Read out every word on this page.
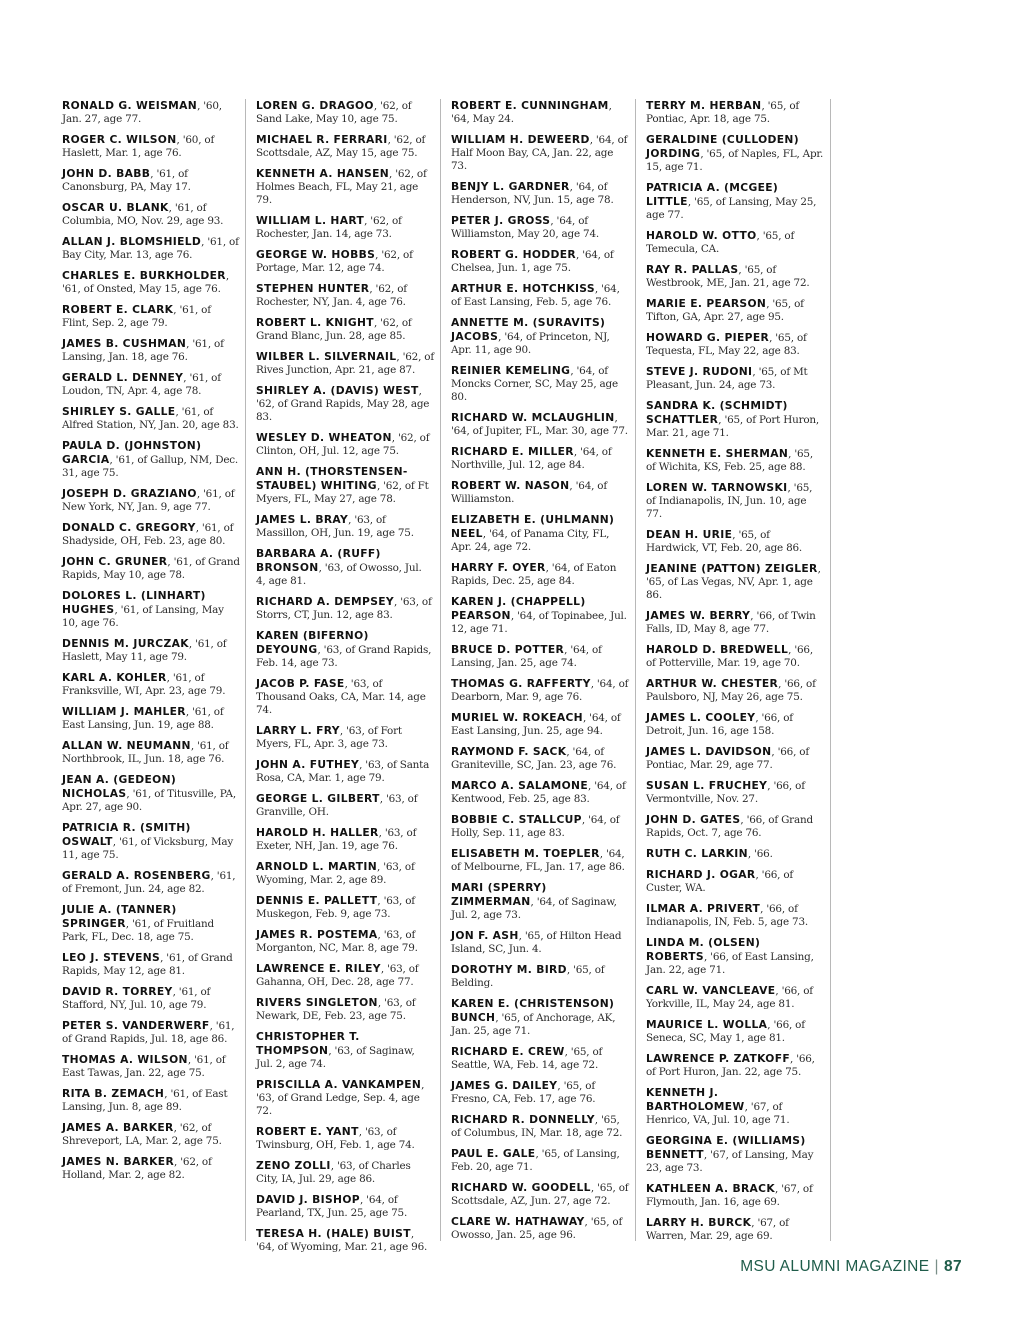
RONALD G. WEISMAN, '60, Jan. 27, age 77.
ROGER C. WILSON, '60, of Haslett, Mar. 1, age 76.
JOHN D. BABB, '61, of Canonsburg, PA, May 17.
OSCAR U. BLANK, '61, of Columbia, MO, Nov. 29, age 93.
ALLAN J. BLOMSHIELD, '61, of Bay City, Mar. 13, age 76.
CHARLES E. BURKHOLDER, '61, of Onsted, May 15, age 76.
ROBERT E. CLARK, '61, of Flint, Sep. 2, age 79.
JAMES B. CUSHMAN, '61, of Lansing, Jan. 18, age 76.
GERALD L. DENNEY, '61, of Loudon, TN, Apr. 4, age 78.
SHIRLEY S. GALLE, '61, of Alfred Station, NY, Jan. 20, age 83.
PAULA D. (JOHNSTON) GARCIA, '61, of Gallup, NM, Dec. 31, age 75.
JOSEPH D. GRAZIANO, '61, of New York, NY, Jan. 9, age 77.
DONALD C. GREGORY, '61, of Shadyside, OH, Feb. 23, age 80.
JOHN C. GRUNER, '61, of Grand Rapids, May 10, age 78.
DOLORES L. (LINHART) HUGHES, '61, of Lansing, May 10, age 76.
DENNIS M. JURCZAK, '61, of Haslett, May 11, age 79.
KARL A. KOHLER, '61, of Franksville, WI, Apr. 23, age 79.
WILLIAM J. MAHLER, '61, of East Lansing, Jun. 19, age 88.
ALLAN W. NEUMANN, '61, of Northbrook, IL, Jun. 18, age 76.
JEAN A. (GEDEON) NICHOLAS, '61, of Titusville, PA, Apr. 27, age 90.
PATRICIA R. (SMITH) OSWALT, '61, of Vicksburg, May 11, age 75.
GERALD A. ROSENBERG, '61, of Fremont, Jun. 24, age 82.
JULIE A. (TANNER) SPRINGER, '61, of Fruitland Park, FL, Dec. 18, age 75.
LEO J. STEVENS, '61, of Grand Rapids, May 12, age 81.
DAVID R. TORREY, '61, of Stafford, NY, Jul. 10, age 79.
PETER S. VANDERWERF, '61, of Grand Rapids, Jul. 18, age 86.
THOMAS A. WILSON, '61, of East Tawas, Jan. 22, age 75.
RITA B. ZEMACH, '61, of East Lansing, Jun. 8, age 89.
JAMES A. BARKER, '62, of Shreveport, LA, Mar. 2, age 75.
JAMES N. BARKER, '62, of Holland, Mar. 2, age 82.
LOREN G. DRAGOO, '62, of Sand Lake, May 10, age 75.
MICHAEL R. FERRARI, '62, of Scottsdale, AZ, May 15, age 75.
KENNETH A. HANSEN, '62, of Holmes Beach, FL, May 21, age 79.
WILLIAM L. HART, '62, of Rochester, Jan. 14, age 73.
GEORGE W. HOBBS, '62, of Portage, Mar. 12, age 74.
STEPHEN HUNTER, '62, of Rochester, NY, Jan. 4, age 76.
ROBERT L. KNIGHT, '62, of Grand Blanc, Jun. 28, age 85.
WILBER L. SILVERNAIL, '62, of Rives Junction, Apr. 21, age 87.
SHIRLEY A. (DAVIS) WEST, '62, of Grand Rapids, May 28, age 83.
WESLEY D. WHEATON, '62, of Clinton, OH, Jul. 12, age 75.
ANN H. (THORSTENSEN-STAUBEL) WHITING, '62, of Ft Myers, FL, May 27, age 78.
JAMES L. BRAY, '63, of Massillon, OH, Jun. 19, age 75.
BARBARA A. (RUFF) BRONSON, '63, of Owosso, Jul. 4, age 81.
RICHARD A. DEMPSEY, '63, of Storrs, CT, Jun. 12, age 83.
KAREN (BIFERNO) DEYOUNG, '63, of Grand Rapids, Feb. 14, age 73.
JACOB P. FASE, '63, of Thousand Oaks, CA, Mar. 14, age 74.
LARRY L. FRY, '63, of Fort Myers, FL, Apr. 3, age 73.
JOHN A. FUTHEY, '63, of Santa Rosa, CA, Mar. 1, age 79.
GEORGE L. GILBERT, '63, of Granville, OH.
HAROLD H. HALLER, '63, of Exeter, NH, Jan. 19, age 76.
ARNOLD L. MARTIN, '63, of Wyoming, Mar. 2, age 89.
DENNIS E. PALLETT, '63, of Muskegon, Feb. 9, age 73.
JAMES R. POSTEMA, '63, of Morganton, NC, Mar. 8, age 79.
LAWRENCE E. RILEY, '63, of Gahanna, OH, Dec. 28, age 77.
RIVERS SINGLETON, '63, of Newark, DE, Feb. 23, age 75.
CHRISTOPHER T. THOMPSON, '63, of Saginaw, Jul. 2, age 74.
PRISCILLA A. VANKAMPEN, '63, of Grand Ledge, Sep. 4, age 72.
ROBERT E. YANT, '63, of Twinsburg, OH, Feb. 1, age 74.
ZENO ZOLLI, '63, of Charles City, IA, Jul. 29, age 86.
DAVID J. BISHOP, '64, of Pearland, TX, Jun. 25, age 75.
TERESA H. (HALE) BUIST, '64, of Wyoming, Mar. 21, age 96.
ROBERT E. CUNNINGHAM, '64, May 24.
WILLIAM H. DEWEERD, '64, of Half Moon Bay, CA, Jan. 22, age 73.
BENJY L. GARDNER, '64, of Henderson, NV, Jun. 15, age 78.
PETER J. GROSS, '64, of Williamston, May 20, age 74.
ROBERT G. HODDER, '64, of Chelsea, Jun. 1, age 75.
ARTHUR E. HOTCHKISS, '64, of East Lansing, Feb. 5, age 76.
ANNETTE M. (SURAVITS) JACOBS, '64, of Princeton, NJ, Apr. 11, age 90.
REINIER KEMELING, '64, of Moncks Corner, SC, May 25, age 80.
RICHARD W. MCLAUGHLIN, '64, of Jupiter, FL, Mar. 30, age 77.
RICHARD E. MILLER, '64, of Northville, Jul. 12, age 84.
ROBERT W. NASON, '64, of Williamston.
ELIZABETH E. (UHLMANN) NEEL, '64, of Panama City, FL, Apr. 24, age 72.
HARRY F. OYER, '64, of Eaton Rapids, Dec. 25, age 84.
KAREN J. (CHAPPELL) PEARSON, '64, of Topinabee, Jul. 12, age 71.
BRUCE D. POTTER, '64, of Lansing, Jan. 25, age 74.
THOMAS G. RAFFERTY, '64, of Dearborn, Mar. 9, age 76.
MURIEL W. ROKEACH, '64, of East Lansing, Jun. 25, age 94.
RAYMOND F. SACK, '64, of Graniteville, SC, Jan. 23, age 76.
MARCO A. SALAMONE, '64, of Kentwood, Feb. 25, age 83.
BOBBIE C. STALLCUP, '64, of Holly, Sep. 11, age 83.
ELISABETH M. TOEPLER, '64, of Melbourne, FL, Jan. 17, age 86.
MARI (SPERRY) ZIMMERMAN, '64, of Saginaw, Jul. 2, age 73.
JON F. ASH, '65, of Hilton Head Island, SC, Jun. 4.
DOROTHY M. BIRD, '65, of Belding.
KAREN E. (CHRISTENSON) BUNCH, '65, of Anchorage, AK, Jan. 25, age 71.
RICHARD E. CREW, '65, of Seattle, WA, Feb. 14, age 72.
JAMES G. DAILEY, '65, of Fresno, CA, Feb. 17, age 76.
RICHARD R. DONNELLY, '65, of Columbus, IN, Mar. 18, age 72.
PAUL E. GALE, '65, of Lansing, Feb. 20, age 71.
RICHARD W. GOODELL, '65, of Scottsdale, AZ, Jun. 27, age 72.
CLARE W. HATHAWAY, '65, of Owosso, Jan. 25, age 96.
TERRY M. HERBAN, '65, of Pontiac, Apr. 18, age 75.
GERALDINE (CULLODEN) JORDING, '65, of Naples, FL, Apr. 15, age 71.
PATRICIA A. (MCGEE) LITTLE, '65, of Lansing, May 25, age 77.
HAROLD W. OTTO, '65, of Temecula, CA.
RAY R. PALLAS, '65, of Westbrook, ME, Jan. 21, age 72.
MARIE E. PEARSON, '65, of Tifton, GA, Apr. 27, age 95.
HOWARD G. PIEPER, '65, of Tequesta, FL, May 22, age 83.
STEVE J. RUDONI, '65, of Mt Pleasant, Jun. 24, age 73.
SANDRA K. (SCHMIDT) SCHATTLER, '65, of Port Huron, Mar. 21, age 71.
KENNETH E. SHERMAN, '65, of Wichita, KS, Feb. 25, age 88.
LOREN W. TARNOWSKI, '65, of Indianapolis, IN, Jun. 10, age 77.
DEAN H. URIE, '65, of Hardwick, VT, Feb. 20, age 86.
JEANINE (PATTON) ZEIGLER, '65, of Las Vegas, NV, Apr. 1, age 86.
JAMES W. BERRY, '66, of Twin Falls, ID, May 8, age 77.
HAROLD D. BREDWELL, '66, of Potterville, Mar. 19, age 70.
ARTHUR W. CHESTER, '66, of Paulsboro, NJ, May 26, age 75.
JAMES L. COOLEY, '66, of Detroit, Jun. 16, age 158.
JAMES L. DAVIDSON, '66, of Pontiac, Mar. 29, age 77.
SUSAN L. FRUCHEY, '66, of Vermontville, Nov. 27.
JOHN D. GATES, '66, of Grand Rapids, Oct. 7, age 76.
RUTH C. LARKIN, '66.
RICHARD J. OGAR, '66, of Custer, WA.
ILMAR A. PRIVERT, '66, of Indianapolis, IN, Feb. 5, age 73.
LINDA M. (OLSEN) ROBERTS, '66, of East Lansing, Jan. 22, age 71.
CARL W. VANCLEAVE, '66, of Yorkville, IL, May 24, age 81.
MAURICE L. WOLLA, '66, of Seneca, SC, May 1, age 81.
LAWRENCE P. ZATKOFF, '66, of Port Huron, Jan. 22, age 75.
KENNETH J. BARTHOLOMEW, '67, of Henrico, VA, Jul. 10, age 71.
GEORGINA E. (WILLIAMS) BENNETT, '67, of Lansing, May 23, age 73.
KATHLEEN A. BRACK, '67, of Flymouth, Jan. 16, age 69.
LARRY H. BURCK, '67, of Warren, Mar. 29, age 69.
MSU ALUMNI MAGAZINE | 87
